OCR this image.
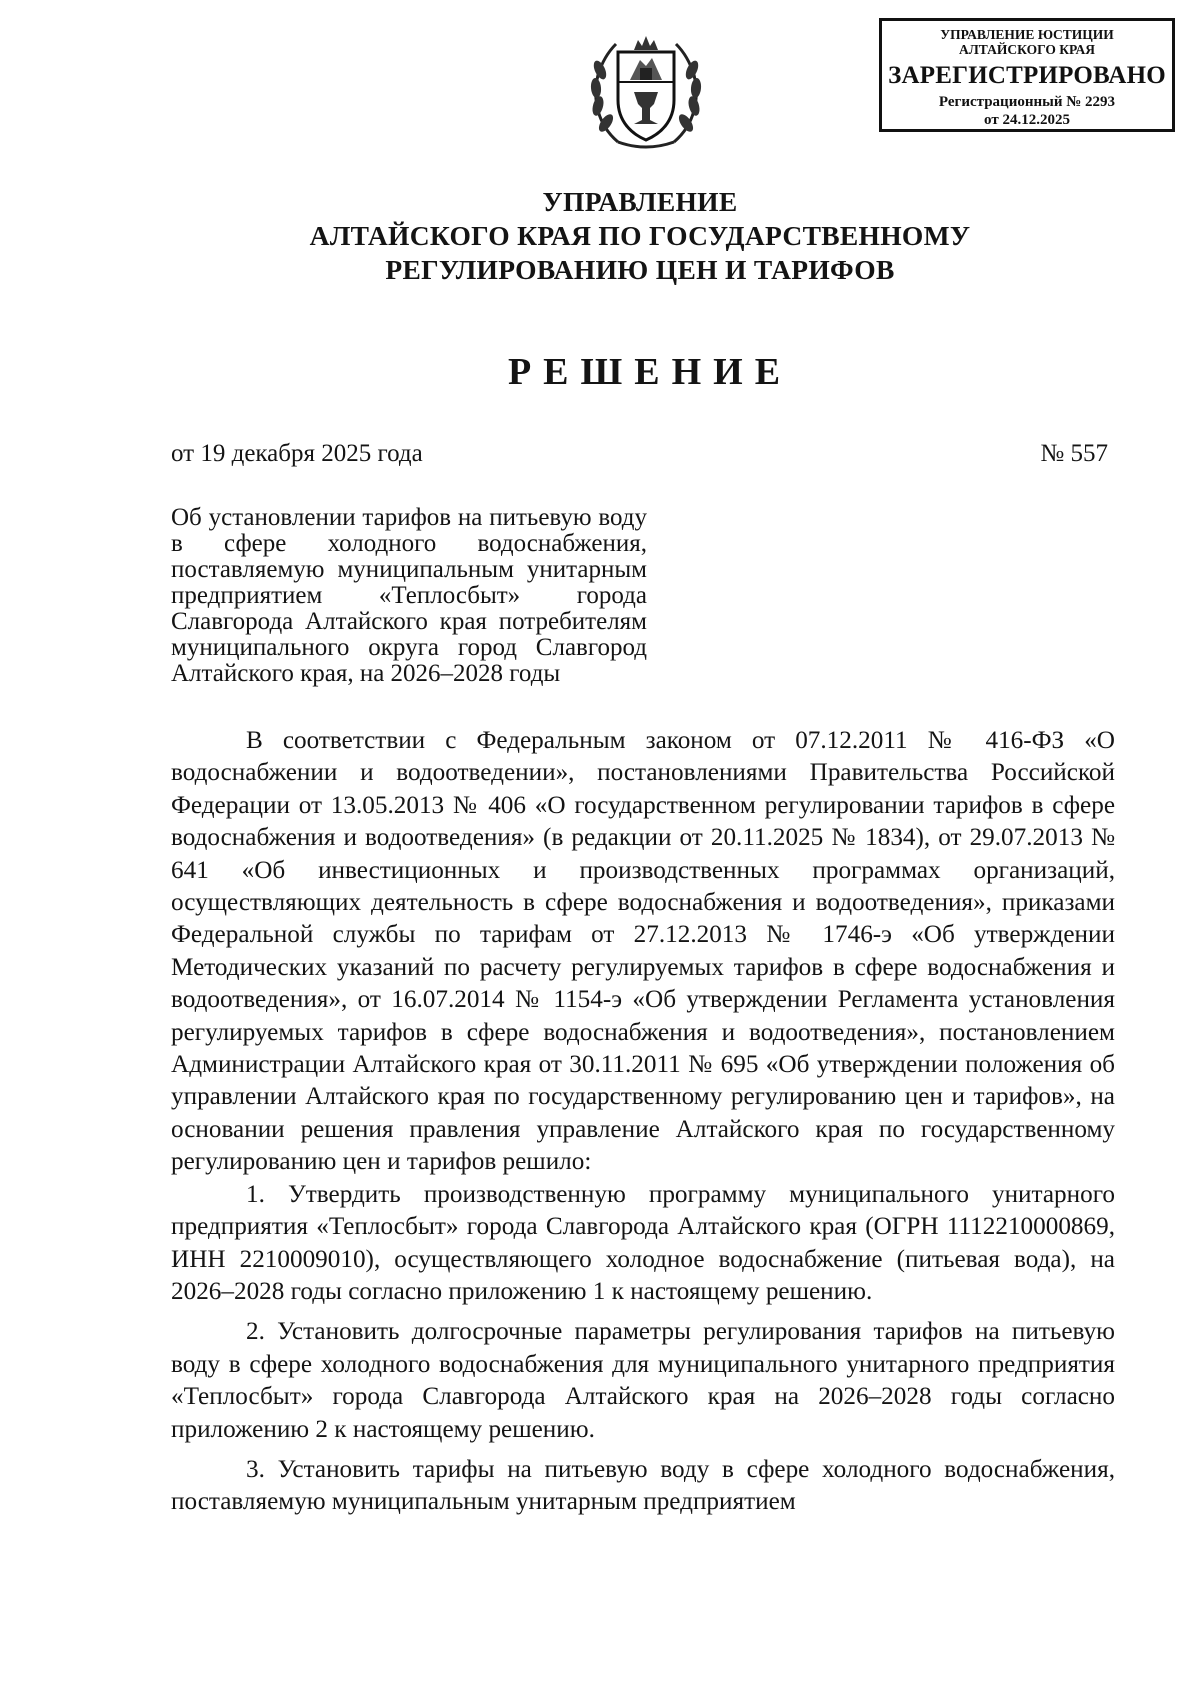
УПРАВЛЕНИЕ ЮСТИЦИИ
АЛТАЙСКОГО КРАЯ
ЗАРЕГИСТРИРОВАНО
Регистрационный № 2293
от 24.12.2025
УПРАВЛЕНИЕ
АЛТАЙСКОГО КРАЯ ПО ГОСУДАРСТВЕННОМУ
РЕГУЛИРОВАНИЮ ЦЕН И ТАРИФОВ
РЕШЕНИЕ
от 19 декабря 2025 года	№ 557
Об установлении тарифов на питьевую воду в сфере холодного водоснабжения, поставляемую муниципальным унитарным предприятием «Теплосбыт» города Славгорода Алтайского края потребителям муниципального округа город Славгород Алтайского края, на 2026–2028 годы

В соответствии с Федеральным законом от 07.12.2011 № 416-ФЗ «О водоснабжении и водоотведении», постановлениями Правительства Российской Федерации от 13.05.2013 № 406 «О государственном регулировании тарифов в сфере водоснабжения и водоотведения» (в редакции от 20.11.2025 № 1834), от 29.07.2013 № 641 «Об инвестиционных и производственных программах организаций, осуществляющих деятельность в сфере водоснабжения и водоотведения», приказами Федеральной службы по тарифам от 27.12.2013 № 1746-э «Об утверждении Методических указаний по расчету регулируемых тарифов в сфере водоснабжения и водоотведения», от 16.07.2014 № 1154-э «Об утверждении Регламента установления регулируемых тарифов в сфере водоснабжения и водоотведения», постановлением Администрации Алтайского края от 30.11.2011 № 695 «Об утверждении положения об управлении Алтайского края по государственному регулированию цен и тарифов», на основании решения правления управление Алтайского края по государственному регулированию цен и тарифов решило:

1. Утвердить производственную программу муниципального унитарного предприятия «Теплосбыт» города Славгорода Алтайского края (ОГРН 1112210000869, ИНН 2210009010), осуществляющего холодное водоснабжение (питьевая вода), на 2026–2028 годы согласно приложению 1 к настоящему решению.

2. Установить долгосрочные параметры регулирования тарифов на питьевую воду в сфере холодного водоснабжения для муниципального унитарного предприятия «Теплосбыт» города Славгорода Алтайского края на 2026–2028 годы согласно приложению 2 к настоящему решению.

3. Установить тарифы на питьевую воду в сфере холодного водоснабжения, поставляемую муниципальным унитарным предприятием
